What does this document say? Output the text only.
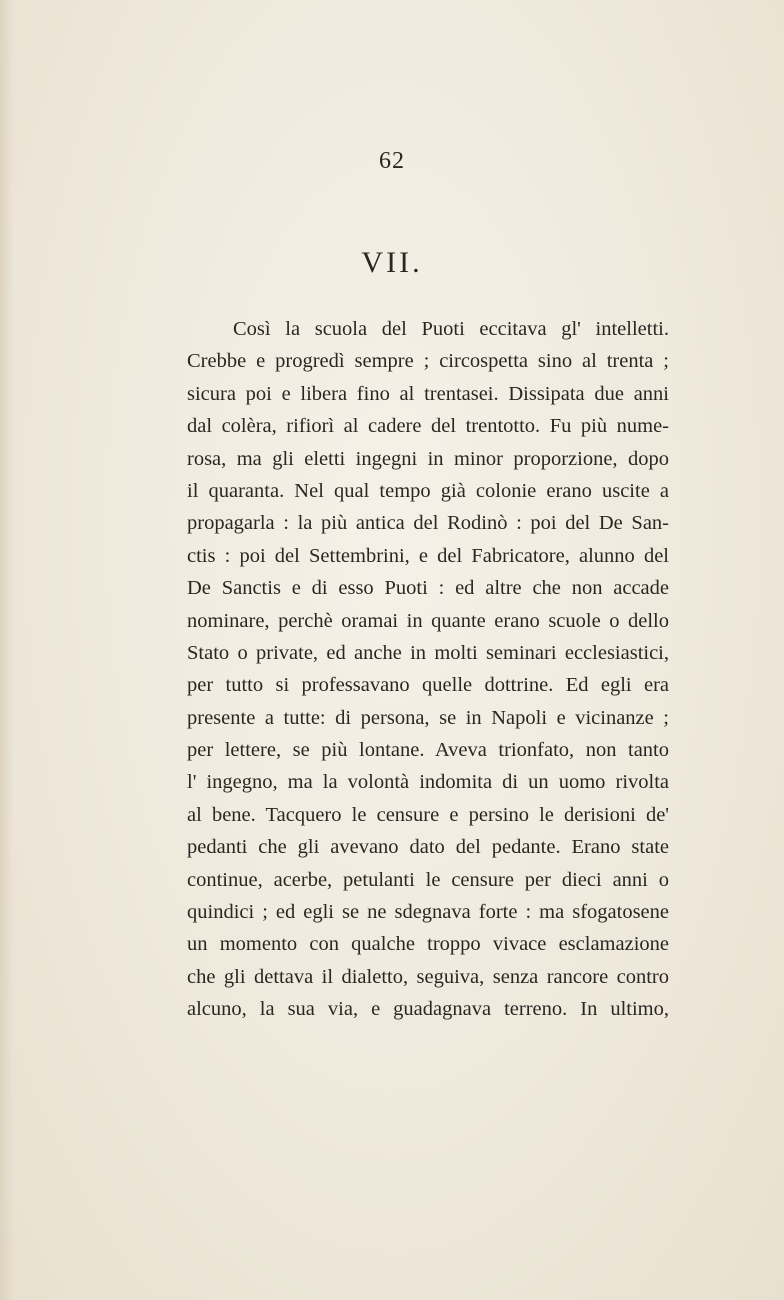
62
VII.
Così la scuola del Puoti eccitava gl' intelletti.
Crebbe e progredì sempre ; circospetta sino al trenta ;
sicura poi e libera fino al trentasei. Dissipata due anni
dal colèra, rifiorì al cadere del trentotto. Fu più nume-
rosa, ma gli eletti ingegni in minor proporzione, dopo
il quaranta. Nel qual tempo già colonie erano uscite a
propagarla : la più antica del Rodinò : poi del De San-
ctis : poi del Settembrini, e del Fabricatore, alunno del
De Sanctis e di esso Puoti : ed altre che non accade
nominare, perchè oramai in quante erano scuole o dello
Stato o private, ed anche in molti seminari ecclesiastici,
per tutto si professavano quelle dottrine. Ed egli era
presente a tutte: di persona, se in Napoli e vicinanze ;
per lettere, se più lontane. Aveva trionfato, non tanto
l' ingegno, ma la volontà indomita di un uomo rivolta
al bene. Tacquero le censure e persino le derisioni de'
pedanti che gli avevano dato del pedante. Erano state
continue, acerbe, petulanti le censure per dieci anni o
quindici ; ed egli se ne sdegnava forte : ma sfogatosene
un momento con qualche troppo vivace esclamazione
che gli dettava il dialetto, seguiva, senza rancore contro
alcuno, la sua via, e guadagnava terreno. In ultimo,
